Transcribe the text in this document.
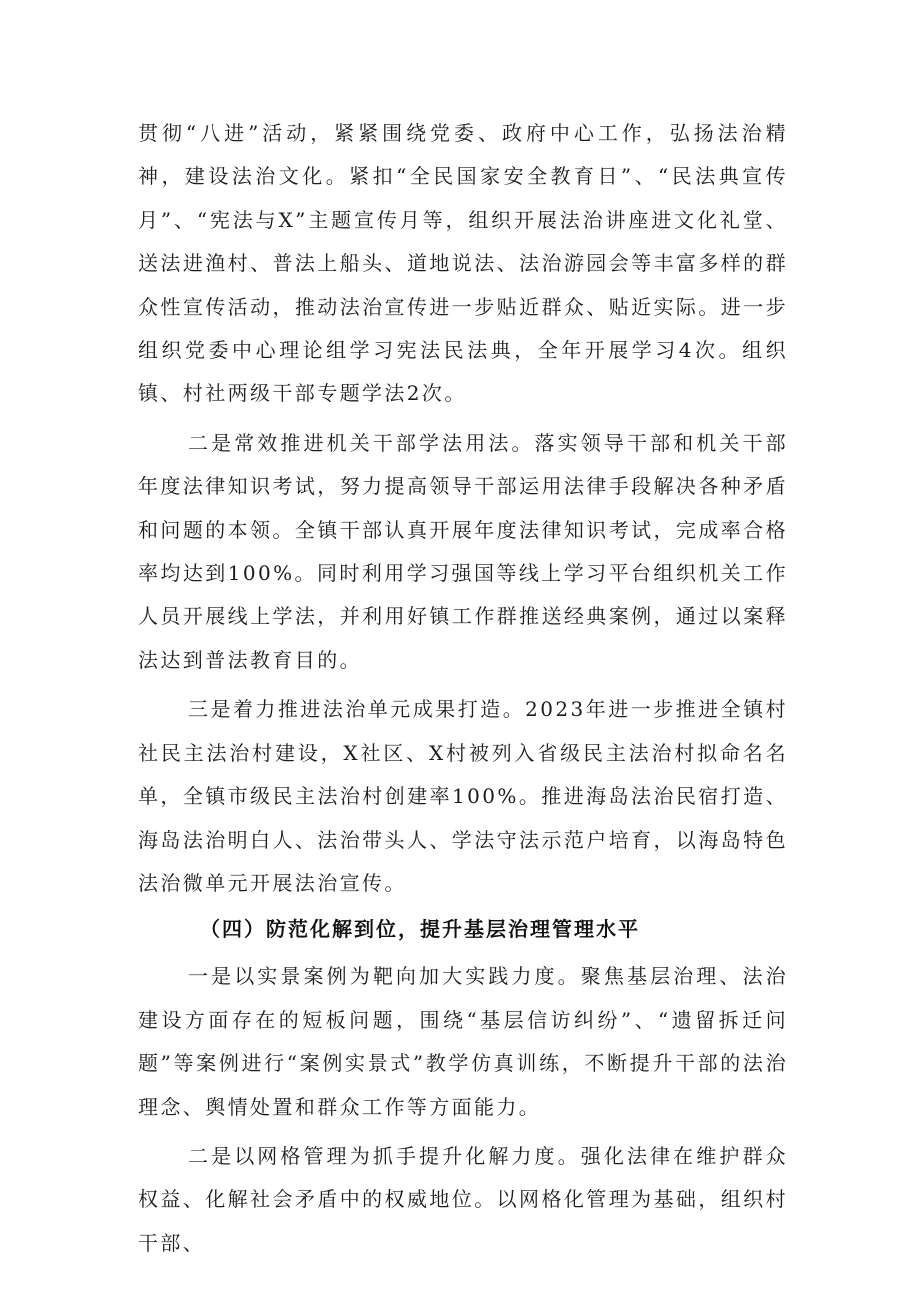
贯彻“八进”活动，紧紧围绕党委、政府中心工作，弘扬法治精神，建设法治文化。紧扣“全民国家安全教育日”、“民法典宣传月”、“宪法与X”主题宣传月等，组织开展法治讲座进文化礼堂、送法进渔村、普法上船头、道地说法、法治游园会等丰富多样的群众性宣传活动，推动法治宣传进一步贴近群众、贴近实际。进一步组织党委中心理论组学习宪法民法典，全年开展学习4次。组织镇、村社两级干部专题学法2次。

二是常效推进机关干部学法用法。落实领导干部和机关干部年度法律知识考试，努力提高领导干部运用法律手段解决各种矛盾和问题的本领。全镇干部认真开展年度法律知识考试，完成率合格率均达到100%。同时利用学习强国等线上学习平台组织机关工作人员开展线上学法，并利用好镇工作群推送经典案例，通过以案释法达到普法教育目的。

三是着力推进法治单元成果打造。2023年进一步推进全镇村社民主法治村建设，X社区、X村被列入省级民主法治村拟命名名单，全镇市级民主法治村创建率100%。推进海岛法治民宿打造、海岛法治明白人、法治带头人、学法守法示范户培育，以海岛特色法治微单元开展法治宣传。

（四）防范化解到位，提升基层治理管理水平

一是以实景案例为靶向加大实践力度。聚焦基层治理、法治建设方面存在的短板问题，围绕“基层信访纠纷”、“遗留拆迁问题”等案例进行“案例实景式”教学仿真训练，不断提升干部的法治理念、舆情处置和群众工作等方面能力。

二是以网格管理为抓手提升化解力度。强化法律在维护群众权益、化解社会矛盾中的权威地位。以网格化管理为基础，组织村干部、
